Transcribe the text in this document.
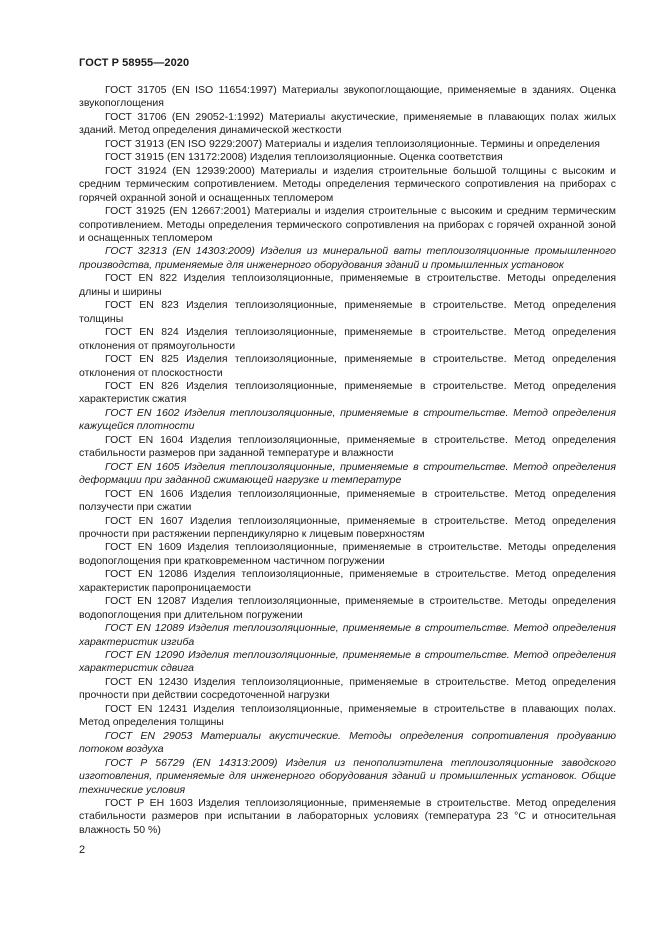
ГОСТ Р 58955—2020

ГОСТ 31705 (EN ISO 11654:1997) Материалы звукопоглощающие, применяемые в зданиях. Оценка звукопоглощения

ГОСТ 31706 (EN 29052-1:1992) Материалы акустические, применяемые в плавающих полах жилых зданий. Метод определения динамической жесткости

ГОСТ 31913 (EN ISO 9229:2007) Материалы и изделия теплоизоляционные. Термины и определения

ГОСТ 31915 (EN 13172:2008) Изделия теплоизоляционные. Оценка соответствия

ГОСТ 31924 (EN 12939:2000) Материалы и изделия строительные большой толщины с высоким и средним термическим сопротивлением. Методы определения термического сопротивления на приборах с горячей охранной зоной и оснащенных тепломером

ГОСТ 31925 (EN 12667:2001) Материалы и изделия строительные с высоким и средним термическим сопротивлением. Методы определения термического сопротивления на приборах с горячей охранной зоной и оснащенных тепломером

ГОСТ 32313 (EN 14303:2009) Изделия из минеральной ваты теплоизоляционные промышленного производства, применяемые для инженерного оборудования зданий и промышленных установок

ГОСТ EN 822 Изделия теплоизоляционные, применяемые в строительстве. Методы определения длины и ширины

ГОСТ EN 823 Изделия теплоизоляционные, применяемые в строительстве. Метод определения толщины

ГОСТ EN 824 Изделия теплоизоляционные, применяемые в строительстве. Метод определения отклонения от прямоугольности

ГОСТ EN 825 Изделия теплоизоляционные, применяемые в строительстве. Метод определения отклонения от плоскостности

ГОСТ EN 826 Изделия теплоизоляционные, применяемые в строительстве. Метод определения характеристик сжатия

ГОСТ EN 1602 Изделия теплоизоляционные, применяемые в строительстве. Метод определения кажущейся плотности

ГОСТ EN 1604 Изделия теплоизоляционные, применяемые в строительстве. Метод определения стабильности размеров при заданной температуре и влажности

ГОСТ EN 1605 Изделия теплоизоляционные, применяемые в строительстве. Метод определения деформации при заданной сжимающей нагрузке и температуре

ГОСТ EN 1606 Изделия теплоизоляционные, применяемые в строительстве. Метод определения ползучести при сжатии

ГОСТ EN 1607 Изделия теплоизоляционные, применяемые в строительстве. Метод определения прочности при растяжении перпендикулярно к лицевым поверхностям

ГОСТ EN 1609 Изделия теплоизоляционные, применяемые в строительстве. Методы определения водопоглощения при кратковременном частичном погружении

ГОСТ EN 12086 Изделия теплоизоляционные, применяемые в строительстве. Метод определения характеристик паропроницаемости

ГОСТ EN 12087 Изделия теплоизоляционные, применяемые в строительстве. Методы определения водопоглощения при длительном погружении

ГОСТ EN 12089 Изделия теплоизоляционные, применяемые в строительстве. Метод определения характеристик изгиба

ГОСТ EN 12090 Изделия теплоизоляционные, применяемые в строительстве. Метод определения характеристик сдвига

ГОСТ EN 12430 Изделия теплоизоляционные, применяемые в строительстве. Метод определения прочности при действии сосредоточенной нагрузки

ГОСТ EN 12431 Изделия теплоизоляционные, применяемые в строительстве в плавающих полах. Метод определения толщины

ГОСТ EN 29053 Материалы акустические. Методы определения сопротивления продуванию потоком воздуха

ГОСТ Р 56729 (EN 14313:2009) Изделия из пенополиэтилена теплоизоляционные заводского изготовления, применяемые для инженерного оборудования зданий и промышленных установок. Общие технические условия

ГОСТ Р ЕН 1603 Изделия теплоизоляционные, применяемые в строительстве. Метод определения стабильности размеров при испытании в лабораторных условиях (температура 23 °С и относительная влажность 50 %)

2
